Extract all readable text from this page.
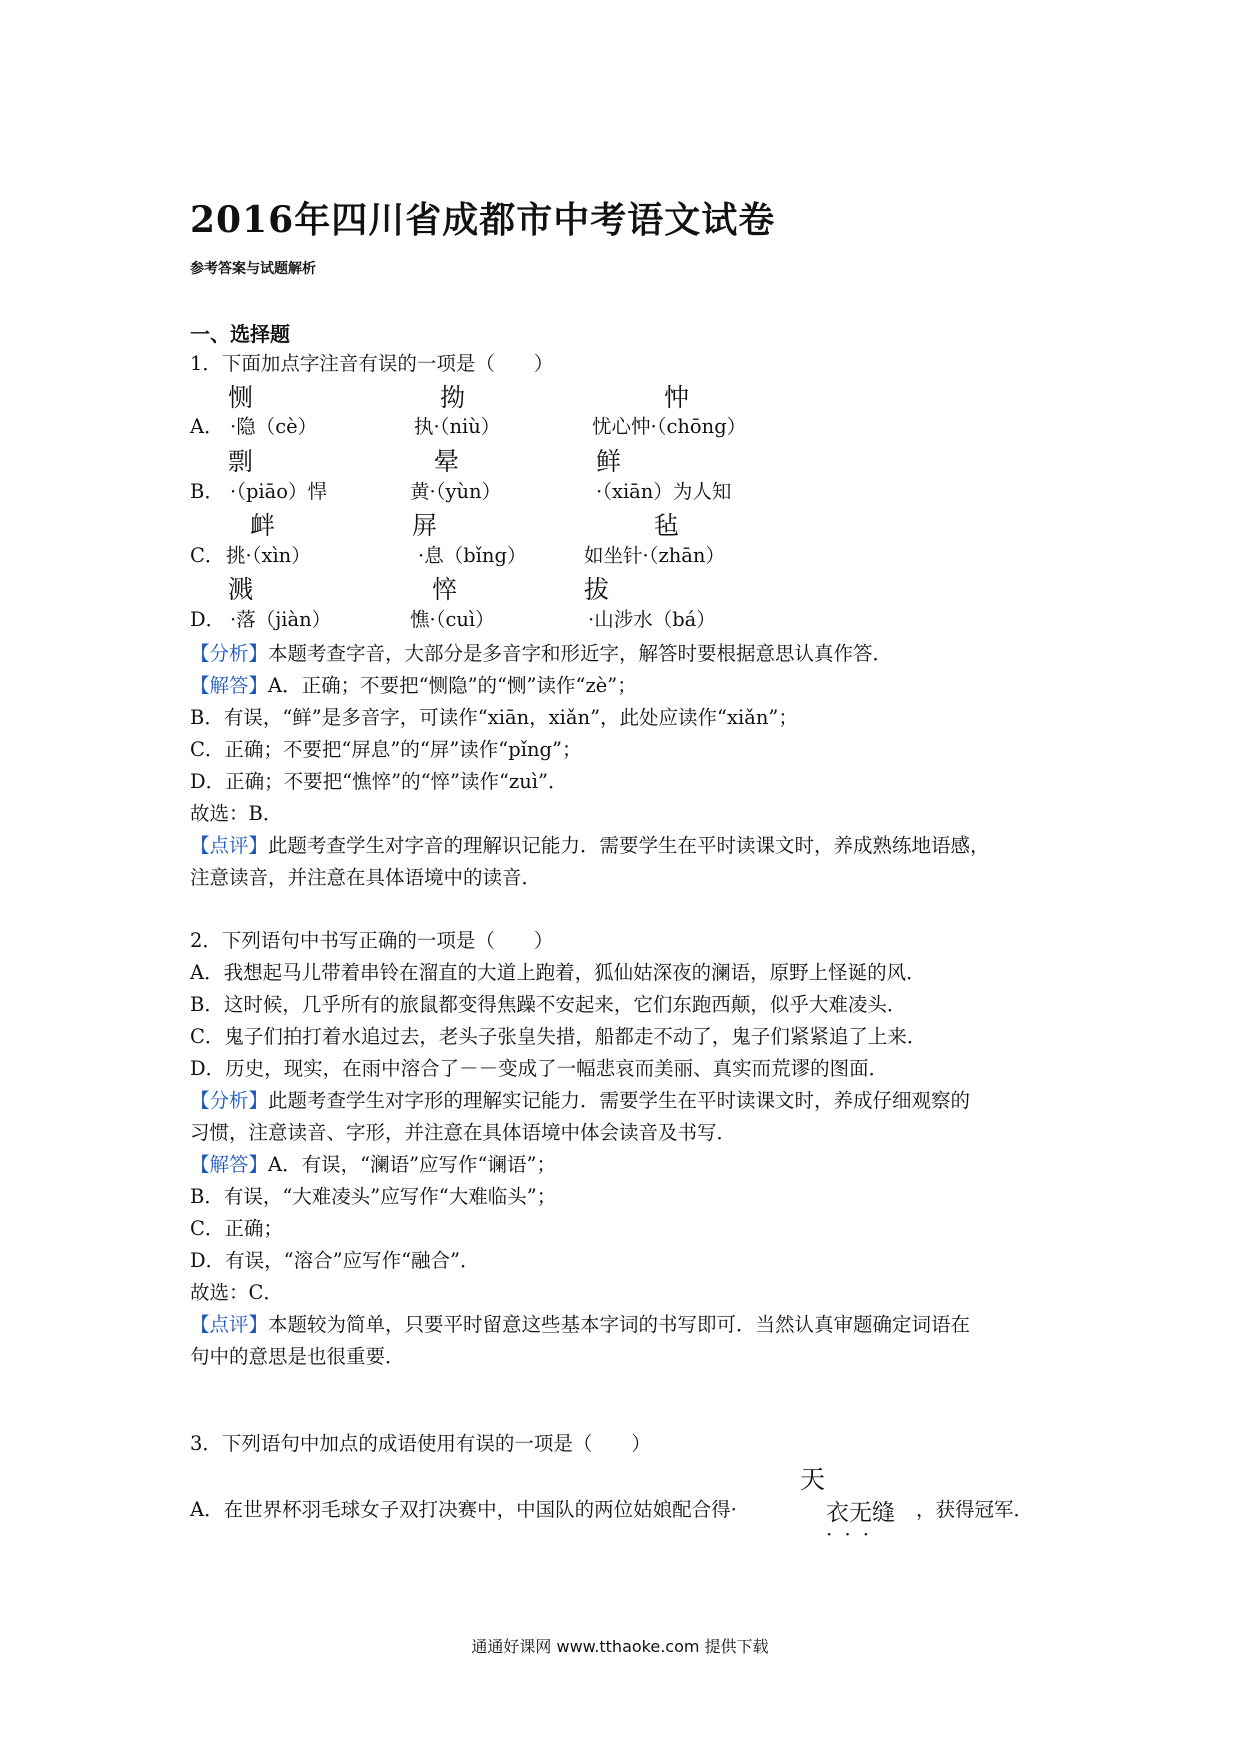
2016年四川省成都市中考语文试卷
参考答案与试题解析
一、选择题
1．下面加点字注音有误的一项是（　　）
恻	拗	忡
A． ·隐（cè）	执·（niù）	忧心忡·（chōng）
剽	晕	鲜
B． ·（piāo）悍	黄·（yùn）	·（xiān）为人知
衅	屏	毡
C． 挑·（xìn）	·息（bǐng）	如坐针·（zhān）
溅	悴	拔
D． ·落（jiàn）	憔·（cuì）	·山涉水（bá）
【分析】本题考查字音，大部分是多音字和形近字，解答时要根据意思认真作答．
【解答】A．正确；不要把“恻隐”的“恻”读作“zè”；
B．有误，“鲜”是多音字，可读作“xiān，xiǎn”，此处应读作“xiǎn”；
C．正确；不要把“屏息”的“屏”读作“pǐng”；
D．正确；不要把“憔悴”的“悴”读作“zuì”．
故选：B．
【点评】此题考查学生对字音的理解识记能力．需要学生在平时读课文时，养成熟练地语感，
注意读音，并注意在具体语境中的读音．
2．下列语句中书写正确的一项是（　　）
A．我想起马儿带着串铃在溜直的大道上跑着，狐仙姑深夜的澜语，原野上怪诞的风．
B．这时候，几乎所有的旅鼠都变得焦躁不安起来，它们东跑西颠，似乎大难凌头．
C．鬼子们拍打着水追过去，老头子张皇失措，船都走不动了，鬼子们紧紧追了上来．
D．历史，现实，在雨中溶合了－－变成了一幅悲哀而美丽、真实而荒谬的图面．
【分析】此题考查学生对字形的理解实记能力．需要学生在平时读课文时，养成仔细观察的
习惯，注意读音、字形，并注意在具体语境中体会读音及书写．
【解答】A．有误，“澜语”应写作“谰语”；
B．有误，“大难凌头”应写作“大难临头”；
C．正确；
D．有误，“溶合”应写作“融合”．
故选：C．
【点评】本题较为简单，只要平时留意这些基本字词的书写即可．当然认真审题确定词语在
句中的意思是也很重要．
3．下列语句中加点的成语使用有误的一项是（　　）
天
A．在世界杯羽毛球女子双打决赛中，中国队的两位姑娘配合得·	衣无缝 ，获得冠军．
···
通通好课网 www.tthaoke.com 提供下载
